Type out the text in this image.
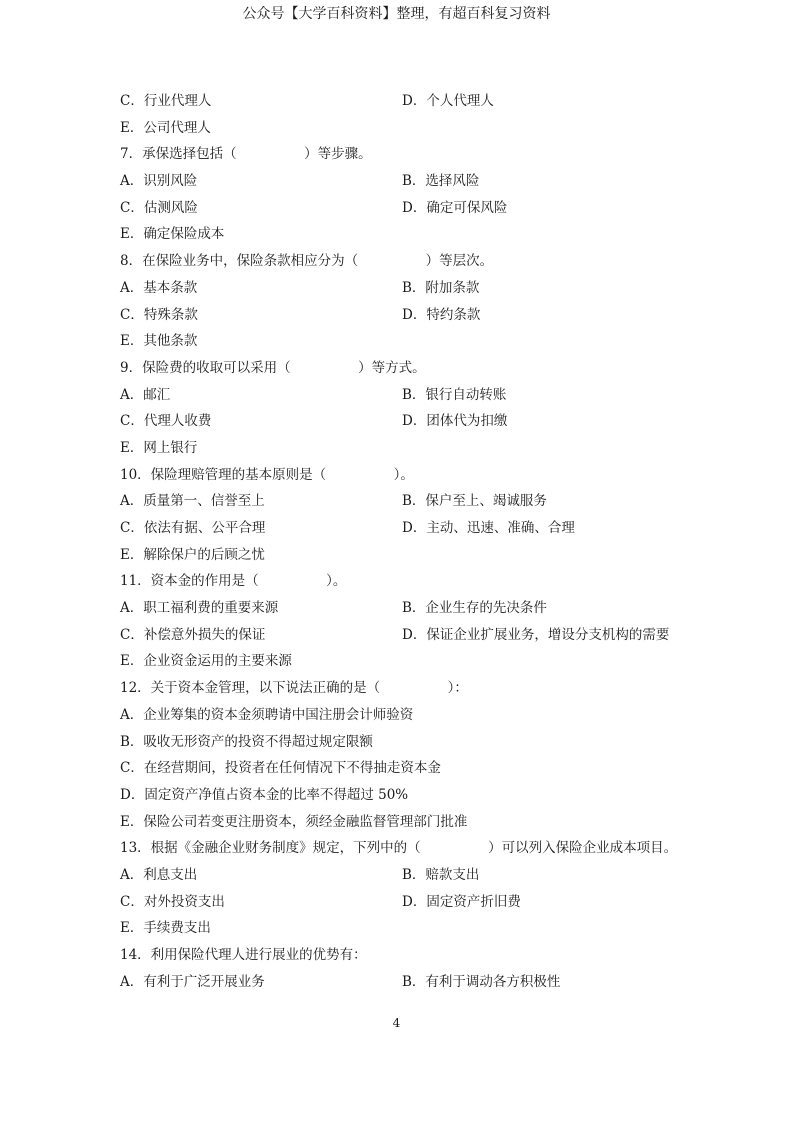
公众号【大学百科资料】整理，有超百科复习资料
C．行业代理人	D．个人代理人
E．公司代理人
7．承保选择包括（　　　　　）等步骤。
A．识别风险	B．选择风险
C．估测风险	D．确定可保风险
E．确定保险成本
8．在保险业务中，保险条款相应分为（　　　　　）等层次。
A．基本条款	B．附加条款
C．特殊条款	D．特约条款
E．其他条款
9．保险费的收取可以采用（　　　　　）等方式。
A．邮汇	B．银行自动转账
C．代理人收费	D．团体代为扣缴
E．网上银行
10．保险理赔管理的基本原则是（　　　　　）。
A．质量第一、信誉至上	B．保户至上、竭诚服务
C．依法有据、公平合理	D．主动、迅速、准确、合理
E．解除保户的后顾之忧
11．资本金的作用是（　　　　　）。
A．职工福利费的重要来源	B．企业生存的先决条件
C．补偿意外损失的保证	D．保证企业扩展业务，增设分支机构的需要
E．企业资金运用的主要来源
12．关于资本金管理，以下说法正确的是（　　　　　）：
A．企业筹集的资本金须聘请中国注册会计师验资
B．吸收无形资产的投资不得超过规定限额
C．在经营期间，投资者在任何情况下不得抽走资本金
D．固定资产净值占资本金的比率不得超过 50%
E．保险公司若变更注册资本，须经金融监督管理部门批准
13．根据《金融企业财务制度》规定，下列中的（　　　　　）可以列入保险企业成本项目。
A．利息支出	B．赔款支出
C．对外投资支出	D．固定资产折旧费
E．手续费支出
14．利用保险代理人进行展业的优势有：
A．有利于广泛开展业务	B．有利于调动各方积极性
4
